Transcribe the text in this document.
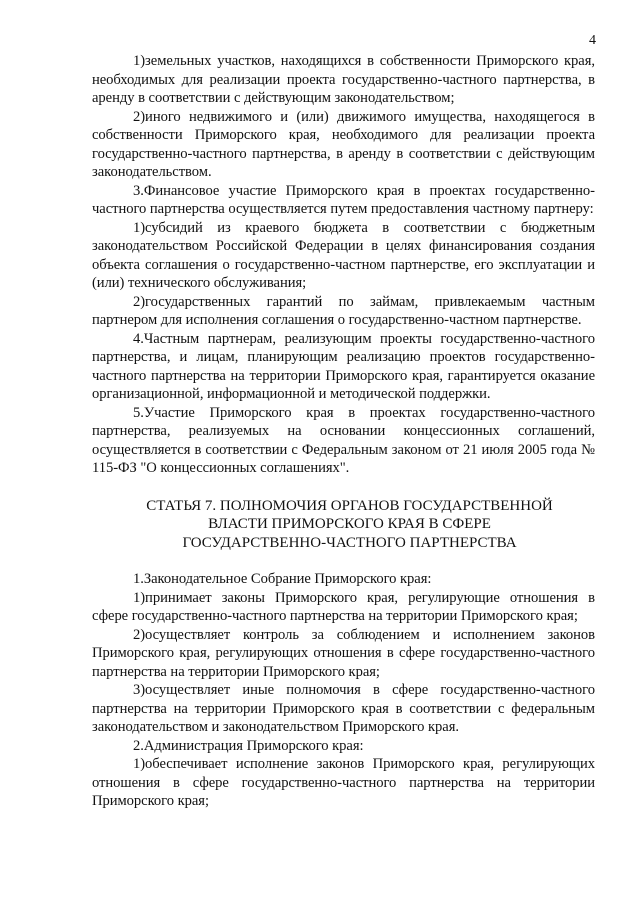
4

1)земельных участков, находящихся в собственности Приморского края, необходимых для реализации проекта государственно-частного партнерства, в аренду в соответствии с действующим законодательством;

2)иного недвижимого и (или) движимого имущества, находящегося в собственности Приморского края, необходимого для реализации проекта государственно-частного партнерства, в аренду в соответствии с действующим законодательством.

3.Финансовое участие Приморского края в проектах государственно-частного партнерства осуществляется путем предоставления частному партнеру:

1)субсидий из краевого бюджета в соответствии с бюджетным законодательством Российской Федерации в целях финансирования создания объекта соглашения о государственно-частном партнерстве, его эксплуатации и (или) технического обслуживания;

2)государственных гарантий по займам, привлекаемым частным партнером для исполнения соглашения о государственно-частном партнерстве.

4.Частным партнерам, реализующим проекты государственно-частного партнерства, и лицам, планирующим реализацию проектов государственно-частного партнерства на территории Приморского края, гарантируется оказание организационной, информационной и методической поддержки.

5.Участие Приморского края в проектах государственно-частного партнерства, реализуемых на основании концессионных соглашений, осуществляется в соответствии с Федеральным законом от 21 июля 2005 года № 115-ФЗ "О концессионных соглашениях".

СТАТЬЯ 7. ПОЛНОМОЧИЯ ОРГАНОВ ГОСУДАРСТВЕННОЙ
ВЛАСТИ ПРИМОРСКОГО КРАЯ В СФЕРЕ
ГОСУДАРСТВЕННО-ЧАСТНОГО ПАРТНЕРСТВА

1.Законодательное Собрание Приморского края:

1)принимает законы Приморского края, регулирующие отношения в сфере государственно-частного партнерства на территории Приморского края;

2)осуществляет контроль за соблюдением и исполнением законов Приморского края, регулирующих отношения в сфере государственно-частного партнерства на территории Приморского края;

3)осуществляет иные полномочия в сфере государственно-частного партнерства на территории Приморского края в соответствии с федеральным законодательством и законодательством Приморского края.

2.Администрация Приморского края:

1)обеспечивает исполнение законов Приморского края, регулирующих отношения в сфере государственно-частного партнерства на территории Приморского края;
